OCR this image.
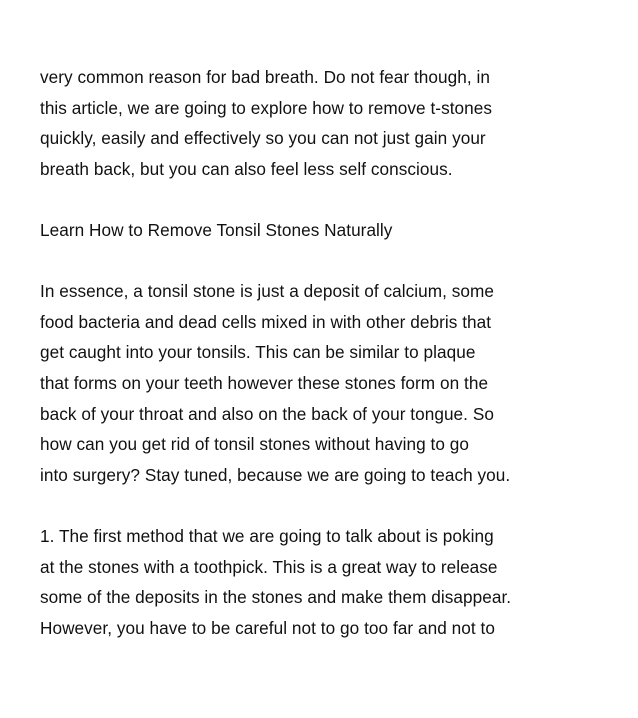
very common reason for bad breath. Do not fear though, in
this article, we are going to explore how to remove t-stones
quickly, easily and effectively so you can not just gain your
breath back, but you can also feel less self conscious.
Learn How to Remove Tonsil Stones Naturally
In essence, a tonsil stone is just a deposit of calcium, some
food bacteria and dead cells mixed in with other debris that
get caught into your tonsils. This can be similar to plaque
that forms on your teeth however these stones form on the
back of your throat and also on the back of your tongue. So
how can you get rid of tonsil stones without having to go
into surgery? Stay tuned, because we are going to teach you.
1. The first method that we are going to talk about is poking
at the stones with a toothpick. This is a great way to release
some of the deposits in the stones and make them disappear.
However, you have to be careful not to go too far and not to
